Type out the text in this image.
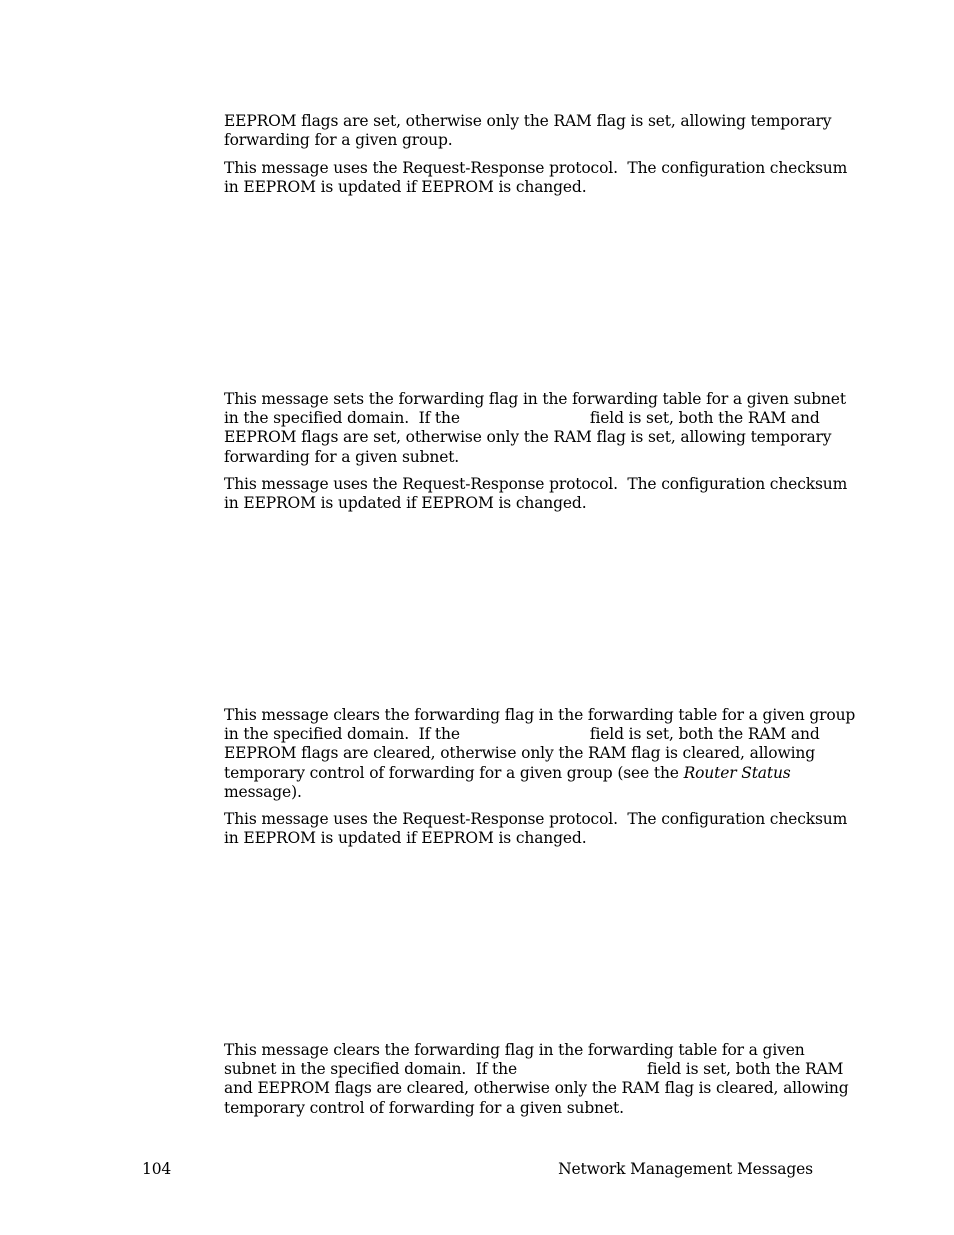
EEPROM flags are set, otherwise only the RAM flag is set, allowing temporary
forwarding for a given group.
This message uses the Request-Response protocol.  The configuration checksum
in EEPROM is updated if EEPROM is changed.
This message sets the forwarding flag in the forwarding table for a given subnet
in the specified domain.  If the	field is set, both the RAM and
EEPROM flags are set, otherwise only the RAM flag is set, allowing temporary
forwarding for a given subnet.
This message uses the Request-Response protocol.  The configuration checksum
in EEPROM is updated if EEPROM is changed.
This message clears the forwarding flag in the forwarding table for a given group
in the specified domain.  If the	field is set, both the RAM and
EEPROM flags are cleared, otherwise only the RAM flag is cleared, allowing
temporary control of forwarding for a given group (see the Router Status
message).
This message uses the Request-Response protocol.  The configuration checksum
in EEPROM is updated if EEPROM is changed.
This message clears the forwarding flag in the forwarding table for a given
subnet in the specified domain.  If the	field is set, both the RAM
and EEPROM flags are cleared, otherwise only the RAM flag is cleared, allowing
temporary control of forwarding for a given subnet.
104	Network Management Messages
